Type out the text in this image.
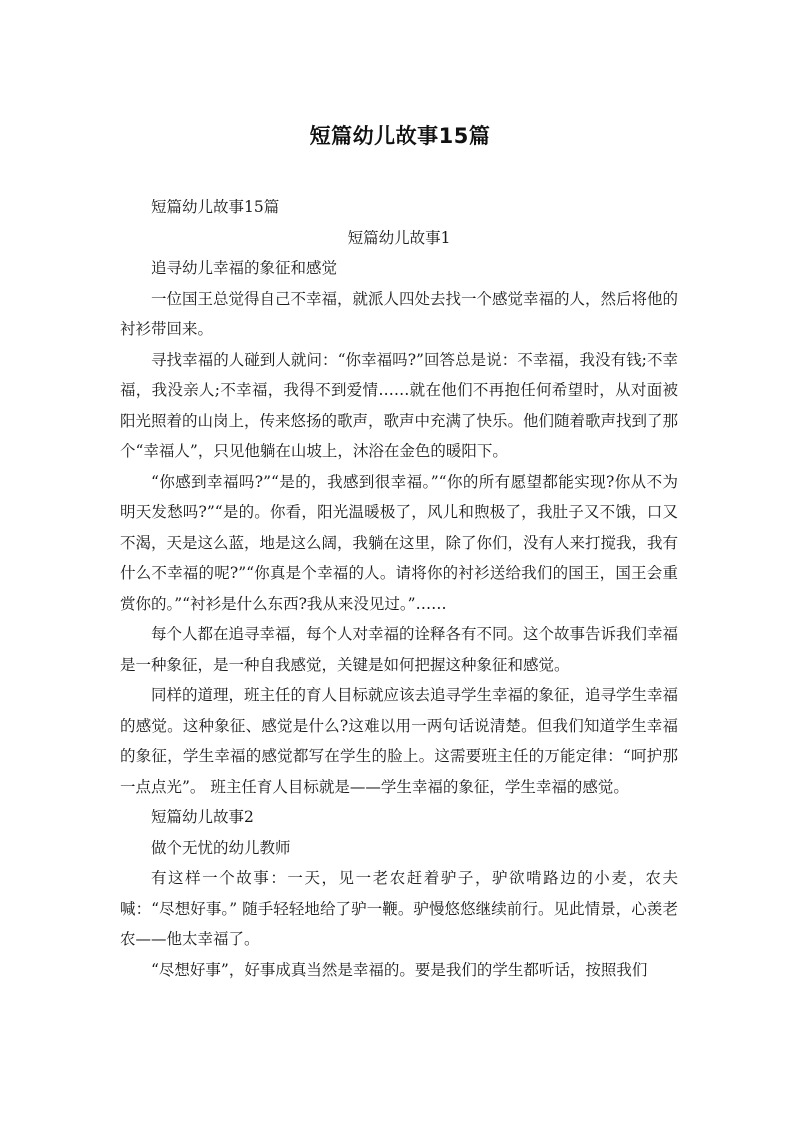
短篇幼儿故事15篇

短篇幼儿故事15篇

短篇幼儿故事1

追寻幼儿幸福的象征和感觉

一位国王总觉得自己不幸福，就派人四处去找一个感觉幸福的人，然后将他的衬衫带回来。

寻找幸福的人碰到人就问：“你幸福吗?”回答总是说：不幸福，我没有钱;不幸福，我没亲人;不幸福，我得不到爱情……就在他们不再抱任何希望时，从对面被阳光照着的山岗上，传来悠扬的歌声，歌声中充满了快乐。他们随着歌声找到了那个“幸福人”，只见他躺在山坡上，沐浴在金色的暖阳下。

“你感到幸福吗?”“是的，我感到很幸福。”“你的所有愿望都能实现?你从不为明天发愁吗?”“是的。你看，阳光温暖极了，风儿和煦极了，我肚子又不饿，口又不渴，天是这么蓝，地是这么阔，我躺在这里，除了你们，没有人来打搅我，我有什么不幸福的呢?”“你真是个幸福的人。请将你的衬衫送给我们的国王，国王会重赏你的。”“衬衫是什么东西?我从来没见过。”……

每个人都在追寻幸福，每个人对幸福的诠释各有不同。这个故事告诉我们幸福是一种象征，是一种自我感觉，关键是如何把握这种象征和感觉。

同样的道理，班主任的育人目标就应该去追寻学生幸福的象征，追寻学生幸福的感觉。这种象征、感觉是什么?这难以用一两句话说清楚。但我们知道学生幸福的象征，学生幸福的感觉都写在学生的脸上。这需要班主任的万能定律：“呵护那一点点光”。 班主任育人目标就是——学生幸福的象征，学生幸福的感觉。

短篇幼儿故事2

做个无忧的幼儿教师

有这样一个故事：一天，见一老农赶着驴子，驴欲啃路边的小麦，农夫喊：“尽想好事。” 随手轻轻地给了驴一鞭。驴慢悠悠继续前行。见此情景，心羡老农——他太幸福了。

“尽想好事”，好事成真当然是幸福的。要是我们的学生都听话，按照我们
